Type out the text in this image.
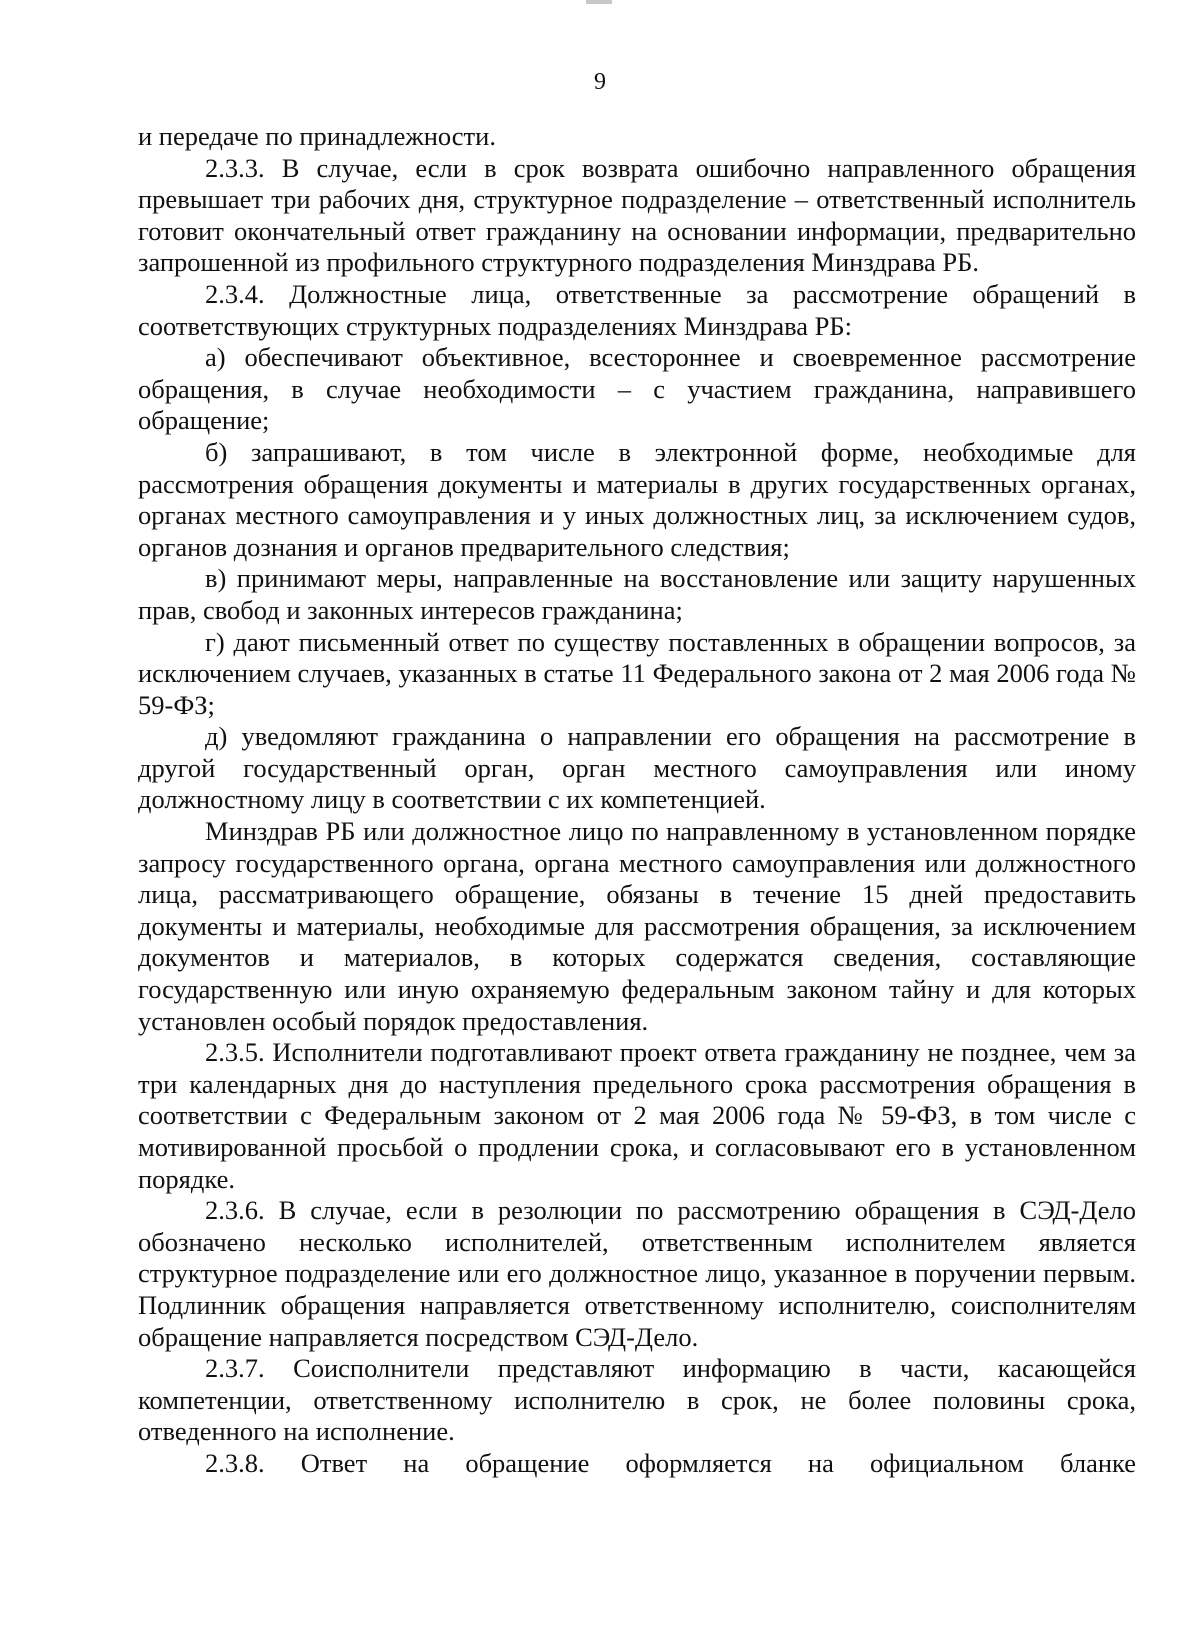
9

и передаче по принадлежности.

2.3.3. В случае, если в срок возврата ошибочно направленного обращения превышает три рабочих дня, структурное подразделение – ответственный исполнитель готовит окончательный ответ гражданину на основании информации, предварительно запрошенной из профильного структурного подразделения Минздрава РБ.

2.3.4. Должностные лица, ответственные за рассмотрение обращений в соответствующих структурных подразделениях Минздрава РБ:

а) обеспечивают объективное, всестороннее и своевременное рассмотрение обращения, в случае необходимости – с участием гражданина, направившего обращение;

б) запрашивают, в том числе в электронной форме, необходимые для рассмотрения обращения документы и материалы в других государственных органах, органах местного самоуправления и у иных должностных лиц, за исключением судов, органов дознания и органов предварительного следствия;

в) принимают меры, направленные на восстановление или защиту нарушенных прав, свобод и законных интересов гражданина;

г) дают письменный ответ по существу поставленных в обращении вопросов, за исключением случаев, указанных в статье 11 Федерального закона от 2 мая 2006 года № 59-ФЗ;

д) уведомляют гражданина о направлении его обращения на рассмотрение в другой государственный орган, орган местного самоуправления или иному должностному лицу в соответствии с их компетенцией.

Минздрав РБ или должностное лицо по направленному в установленном порядке запросу государственного органа, органа местного самоуправления или должностного лица, рассматривающего обращение, обязаны в течение 15 дней предоставить документы и материалы, необходимые для рассмотрения обращения, за исключением документов и материалов, в которых содержатся сведения, составляющие государственную или иную охраняемую федеральным законом тайну и для которых установлен особый порядок предоставления.

2.3.5. Исполнители подготавливают проект ответа гражданину не позднее, чем за три календарных дня до наступления предельного срока рассмотрения обращения в соответствии с Федеральным законом от 2 мая 2006 года № 59-ФЗ, в том числе с мотивированной просьбой о продлении срока, и согласовывают его в установленном порядке.

2.3.6. В случае, если в резолюции по рассмотрению обращения в СЭД-Дело обозначено несколько исполнителей, ответственным исполнителем является структурное подразделение или его должностное лицо, указанное в поручении первым. Подлинник обращения направляется ответственному исполнителю, соисполнителям обращение направляется посредством СЭД-Дело.

2.3.7. Соисполнители представляют информацию в части, касающейся компетенции, ответственному исполнителю в срок, не более половины срока, отведенного на исполнение.

2.3.8. Ответ на обращение оформляется на официальном бланке
